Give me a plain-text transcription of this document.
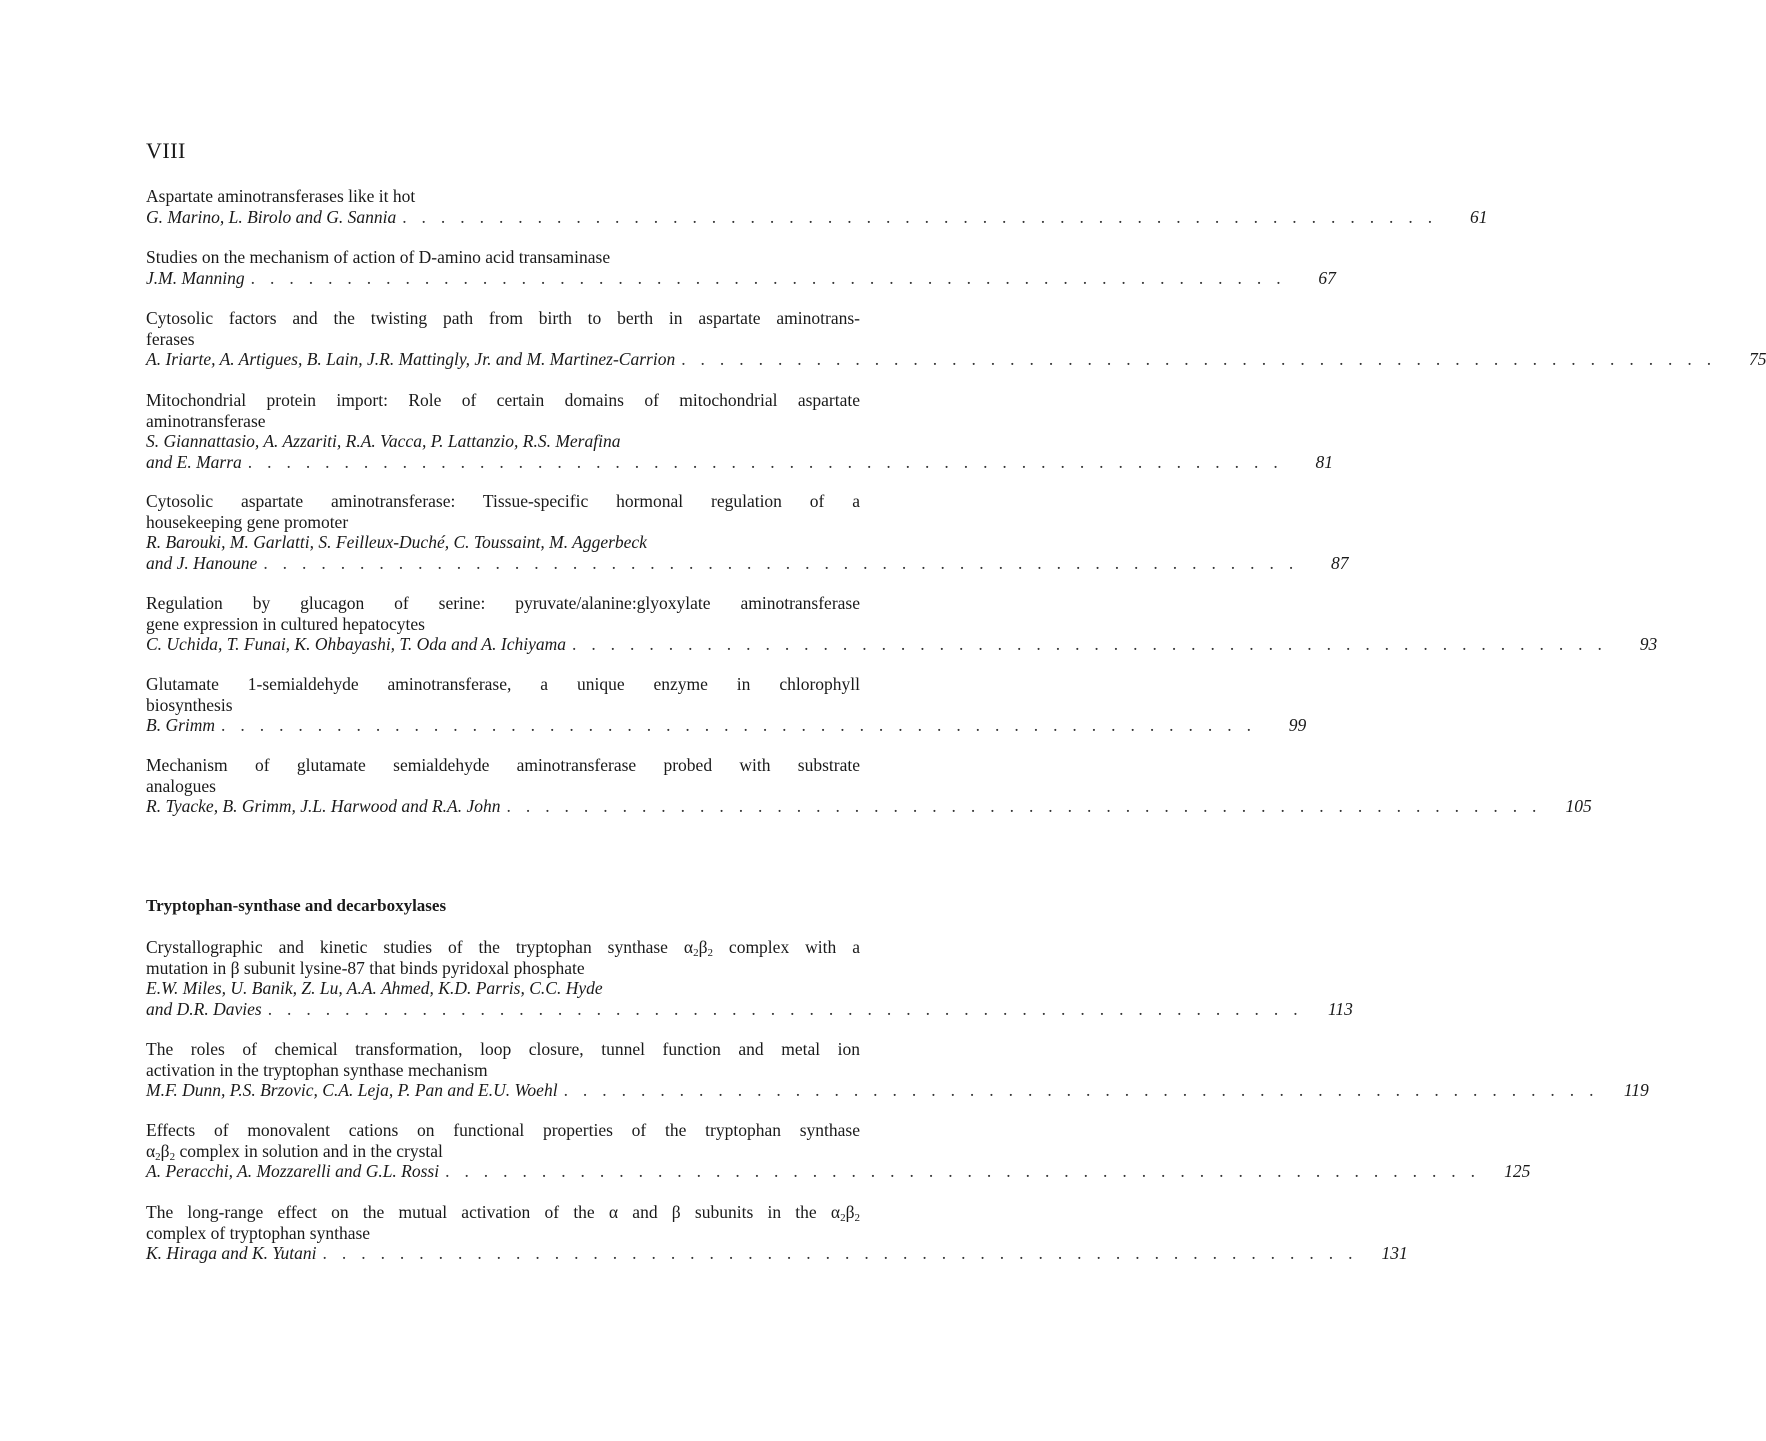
VIII
Aspartate aminotransferases like it hot
G. Marino, L. Birolo and G. Sannia . . . . . . . . . . . . . . . . . . . . . . . . . . . . . . . . . . . . . . . . . . . . . . . . . . . . . .	61
Studies on the mechanism of action of D-amino acid transaminase
J.M. Manning . . . . . . . . . . . . . . . . . . . . . . . . . . . . . . . . . . . . . . . . . . . . . . . . . . . . . .	67
Cytosolic factors and the twisting path from birth to berth in aspartate aminotrans-
ferases
A. Iriarte, A. Artigues, B. Lain, J.R. Mattingly, Jr. and M. Martinez-Carrion . . . . . . . . . . . . . . . . . . . . . . . . . . . . . . . . . . . . . . . . . . . . . . . . . . . . . .	75
Mitochondrial protein import: Role of certain domains of mitochondrial aspartate
aminotransferase
S. Giannattasio, A. Azzariti, R.A. Vacca, P. Lattanzio, R.S. Merafina
and E. Marra . . . . . . . . . . . . . . . . . . . . . . . . . . . . . . . . . . . . . . . . . . . . . . . . . . . . . .	81
Cytosolic aspartate aminotransferase: Tissue-specific hormonal regulation of a
housekeeping gene promoter
R. Barouki, M. Garlatti, S. Feilleux-Duché, C. Toussaint, M. Aggerbeck
and J. Hanoune . . . . . . . . . . . . . . . . . . . . . . . . . . . . . . . . . . . . . . . . . . . . . . . . . . . . . .	87
Regulation by glucagon of serine: pyruvate/alanine:glyoxylate aminotransferase
gene expression in cultured hepatocytes
C. Uchida, T. Funai, K. Ohbayashi, T. Oda and A. Ichiyama . . . . . . . . . . . . . . . . . . . . . . . . . . . . . . . . . . . . . . . . . . . . . . . . . . . . . .	93
Glutamate 1-semialdehyde aminotransferase, a unique enzyme in chlorophyll
biosynthesis
B. Grimm . . . . . . . . . . . . . . . . . . . . . . . . . . . . . . . . . . . . . . . . . . . . . . . . . . . . . .	99
Mechanism of glutamate semialdehyde aminotransferase probed with substrate
analogues
R. Tyacke, B. Grimm, J.L. Harwood and R.A. John . . . . . . . . . . . . . . . . . . . . . . . . . . . . . . . . . . . . . . . . . . . . . . . . . . . . . .	105
Tryptophan-synthase and decarboxylases
Crystallographic and kinetic studies of the tryptophan synthase $\alpha_2\beta_2$ complex with a
mutation in β subunit lysine-87 that binds pyridoxal phosphate
E.W. Miles, U. Banik, Z. Lu, A.A. Ahmed, K.D. Parris, C.C. Hyde
and D.R. Davies . . . . . . . . . . . . . . . . . . . . . . . . . . . . . . . . . . . . . . . . . . . . . . . . . . . . . .	113
The roles of chemical transformation, loop closure, tunnel function and metal ion
activation in the tryptophan synthase mechanism
M.F. Dunn, P.S. Brzovic, C.A. Leja, P. Pan and E.U. Woehl . . . . . . . . . . . . . . . . . . . . . . . . . . . . . . . . . . . . . . . . . . . . . . . . . . . . . .	119
Effects of monovalent cations on functional properties of the tryptophan synthase
$\alpha_2\beta_2$ complex in solution and in the crystal
A. Peracchi, A. Mozzarelli and G.L. Rossi . . . . . . . . . . . . . . . . . . . . . . . . . . . . . . . . . . . . . . . . . . . . . . . . . . . . . .	125
The long-range effect on the mutual activation of the α and β subunits in the $\alpha_2\beta_2$
complex of tryptophan synthase
K. Hiraga and K. Yutani . . . . . . . . . . . . . . . . . . . . . . . . . . . . . . . . . . . . . . . . . . . . . . . . . . . . . .	131
